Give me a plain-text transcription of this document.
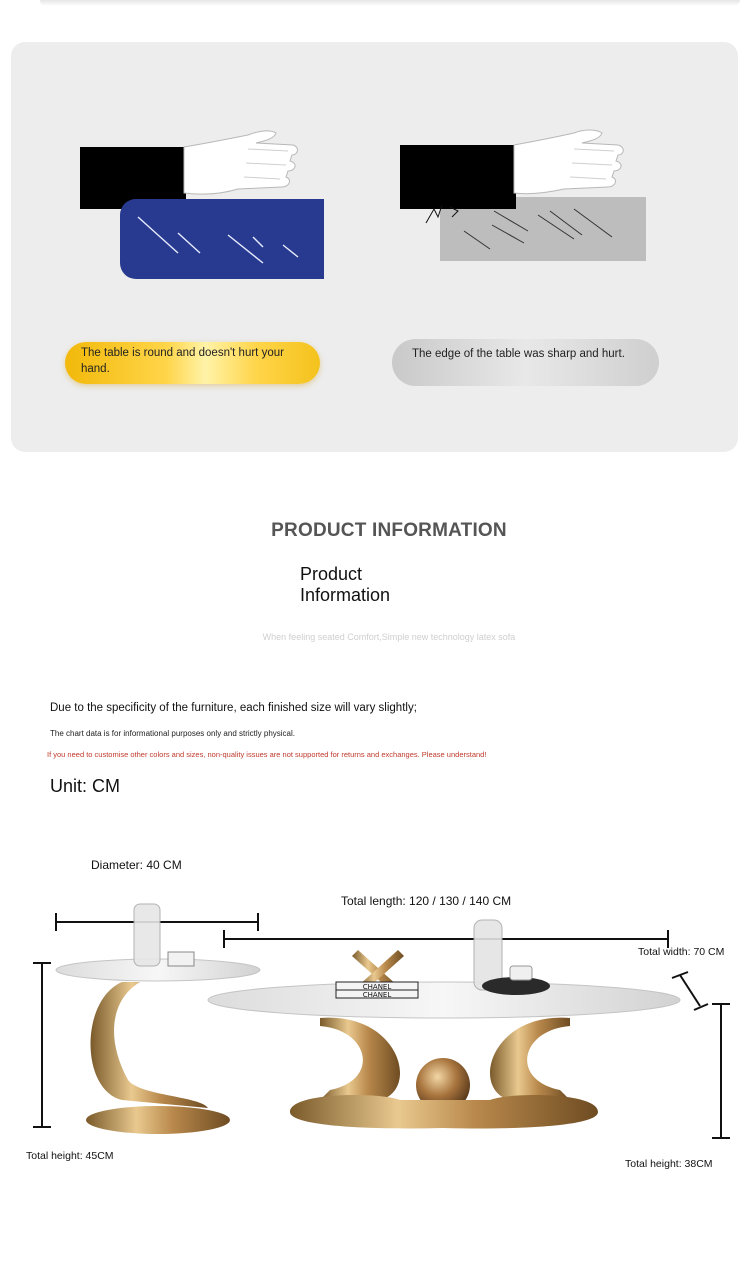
The table is round and doesn't hurt your hand.
The edge of the table was sharp and hurt.
PRODUCT INFORMATION
Product
Information
When feeling seated Comfort,Simple new technology latex sofa
Due to the specificity of the furniture, each finished size will vary slightly;
The chart data is for informational purposes only and strictly physical.
If you need to customise other colors and sizes, non-quality issues are not supported for returns and exchanges. Please understand!
Unit: CM
Diameter: 40 CM
Total length: 120 / 130 / 140 CM
Total width: 70 CM
Total height: 45CM
Total height: 38CM
CHANEL
CHANEL
